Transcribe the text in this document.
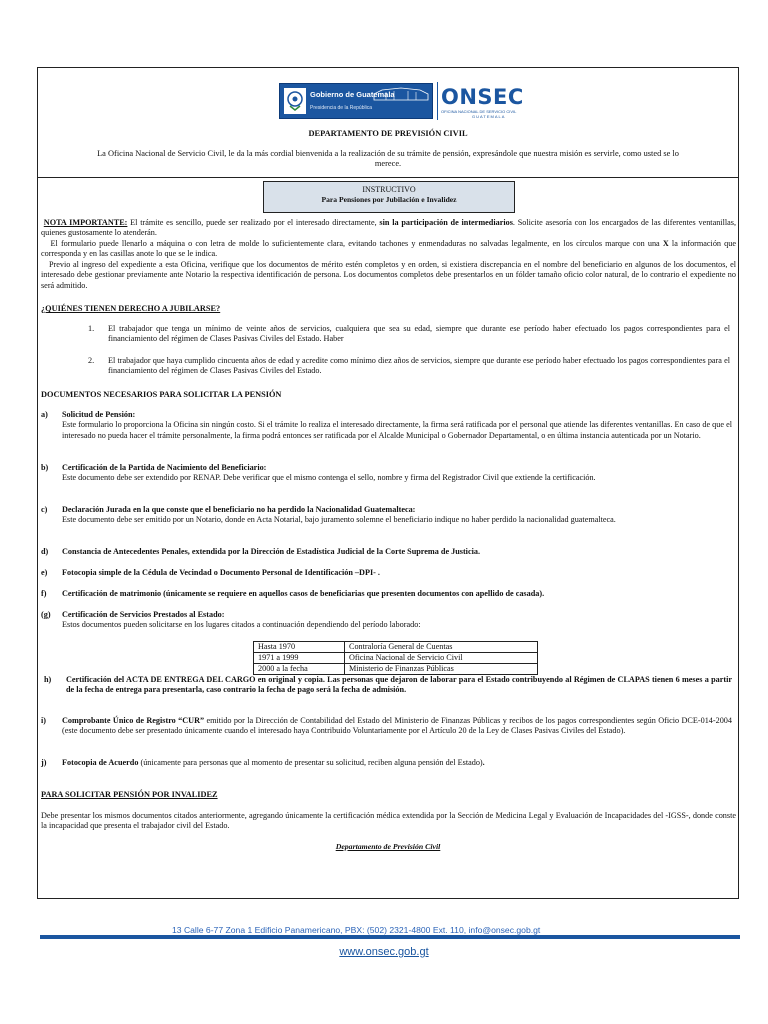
Gobierno de Guatemala
Presidencia de la República	ONSEC
OFICINA NACIONAL DE SERVICIO CIVIL
GUATEMALA
DEPARTAMENTO DE PREVISIÓN CIVIL
La Oficina Nacional de Servicio Civil, le da la más cordial bienvenida a la realización de su trámite de pensión, expresándole que nuestra misión es servirle, como usted se lo merece.
INSTRUCTIVO
Para Pensiones por Jubilación e Invalidez
NOTA IMPORTANTE: El trámite es sencillo, puede ser realizado por el interesado directamente, sin la participación de intermediarios. Solicite asesoría con los encargados de las diferentes ventanillas, quienes gustosamente lo atenderán.
El formulario puede llenarlo a máquina o con letra de molde lo suficientemente clara, evitando tachones y enmendaduras no salvadas legalmente, en los círculos marque con una X la información que corresponda y en las casillas anote lo que se le indica.
Previo al ingreso del expediente a esta Oficina, verifique que los documentos de mérito estén completos y en orden, si existiera discrepancia en el nombre del beneficiario en algunos de los documentos, el interesado debe gestionar previamente ante Notario la respectiva identificación de persona. Los documentos completos debe presentarlos en un fólder tamaño oficio color natural, de lo contrario el expediente no será admitido.
¿QUIÉNES TIENEN DERECHO A JUBILARSE?
1. El trabajador que tenga un mínimo de veinte años de servicios, cualquiera que sea su edad, siempre que durante ese período haber efectuado los pagos correspondientes para el financiamiento del régimen de Clases Pasivas Civiles del Estado. Haber
2. El trabajador que haya cumplido cincuenta años de edad y acredite como mínimo diez años de servicios, siempre que durante ese período haber efectuado los pagos correspondientes para el financiamiento del régimen de Clases Pasivas Civiles del Estado.
DOCUMENTOS NECESARIOS PARA SOLICITAR LA PENSIÓN
a) Solicitud de Pensión:
Este formulario lo proporciona la Oficina sin ningún costo. Si el trámite lo realiza el interesado directamente, la firma será ratificada por el personal que atiende las diferentes ventanillas. En caso de que el interesado no pueda hacer el trámite personalmente, la firma podrá entonces ser ratificada por el Alcalde Municipal o Gobernador Departamental, o en última instancia autenticada por un Notario.
b) Certificación de la Partida de Nacimiento del Beneficiario:
Este documento debe ser extendido por RENAP. Debe verificar que el mismo contenga el sello, nombre y firma del Registrador Civil que extiende la certificación.
c) Declaración Jurada en la que conste que el beneficiario no ha perdido la Nacionalidad Guatemalteca:
Este documento debe ser emitido por un Notario, donde en Acta Notarial, bajo juramento solemne el beneficiario indique no haber perdido la nacionalidad guatemalteca.
d) Constancia de Antecedentes Penales, extendida por la Dirección de Estadística Judicial de la Corte Suprema de Justicia.
e) Fotocopia simple de la Cédula de Vecindad o Documento Personal de Identificación –DPI- .
f) Certificación de matrimonio (únicamente se requiere en aquellos casos de beneficiarias que presenten documentos con apellido de casada).
(g) Certificación de Servicios Prestados al Estado:
Estos documentos pueden solicitarse en los lugares citados a continuación dependiendo del período laborado:
Hasta 1970	Contraloría General de Cuentas
1971 a 1999	Oficina Nacional de Servicio Civil
2000 a la fecha	Ministerio de Finanzas Públicas
h) Certificación del ACTA DE ENTREGA DEL CARGO en original y copia. Las personas que dejaron de laborar para el Estado contribuyendo al Régimen de CLAPAS tienen 6 meses a partir de la fecha de entrega para presentarla, caso contrario la fecha de pago será la fecha de admisión.
i) Comprobante Único de Registro “CUR” emitido por la Dirección de Contabilidad del Estado del Ministerio de Finanzas Públicas y recibos de los pagos correspondientes según Oficio DCE-014-2004 (este documento debe ser presentado únicamente cuando el interesado haya Contribuido Voluntariamente por el Artículo 20 de la Ley de Clases Pasivas Civiles del Estado).
j) Fotocopia de Acuerdo (únicamente para personas que al momento de presentar su solicitud, reciben alguna pensión del Estado).
PARA SOLICITAR PENSIÓN POR INVALIDEZ
Debe presentar los mismos documentos citados anteriormente, agregando únicamente la certificación médica extendida por la Sección de Medicina Legal y Evaluación de Incapacidades del -IGSS-, donde conste la incapacidad que presenta el trabajador civil del Estado.
Departamento de Previsión Civil
13 Calle 6-77 Zona 1 Edificio Panamericano, PBX: (502) 2321-4800 Ext. 110, info@onsec.gob.gt
www.onsec.gob.gt
